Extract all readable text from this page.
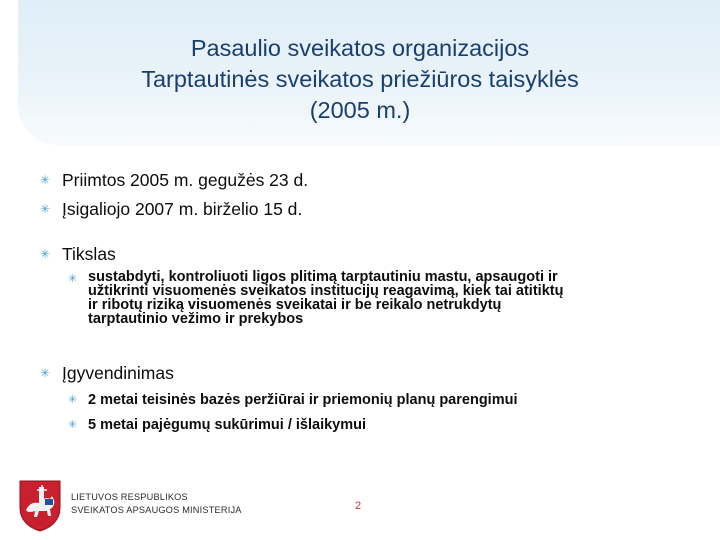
Pasaulio sveikatos organizacijos
Tarptautinės sveikatos priežiūros taisyklės
(2005 m.)
✳ Priimtos 2005 m. gegužės 23 d.
✳ Įsigaliojo 2007 m. birželio 15 d.
✳ Tikslas
✳ sustabdyti, kontroliuoti ligos plitimą tarptautiniu mastu, apsaugoti ir
užtikrinti visuomenės sveikatos institucijų reagavimą, kiek tai atitiktų
ir ribotų riziką visuomenės sveikatai ir be reikalo netrukdytų
tarptautinio vežimo ir prekybos
✳ Įgyvendinimas
✳ 2 metai teisinės bazės peržiūrai ir priemonių planų parengimui
✳ 5 metai pajėgumų sukūrimui / išlaikymui
LIETUVOS RESPUBLIKOS
SVEIKATOS APSAUGOS MINISTERIJA	2
